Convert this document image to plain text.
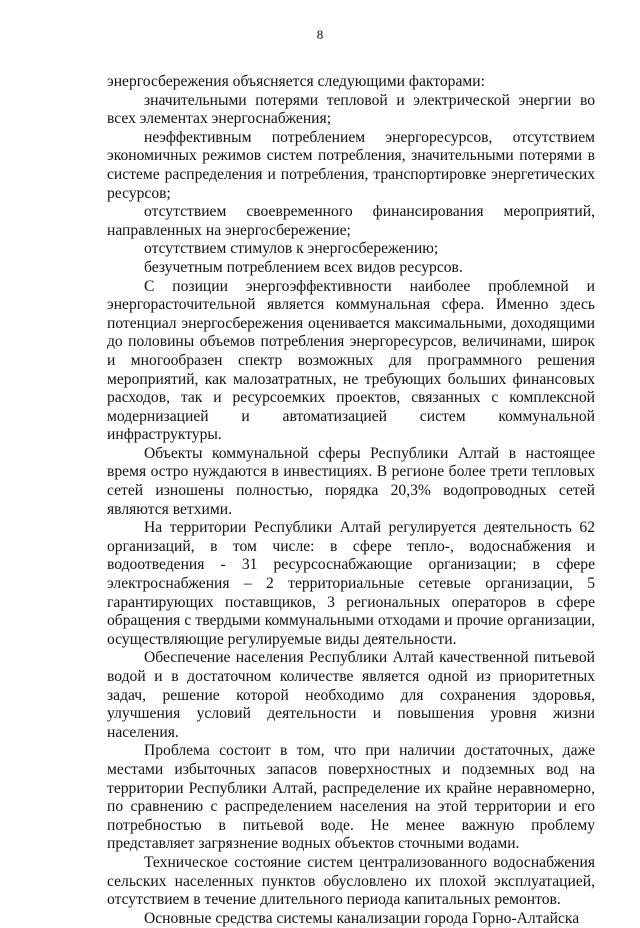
8

энергосбережения объясняется следующими факторами:

значительными потерями тепловой и электрической энергии во всех элементах энергоснабжения;

неэффективным потреблением энергоресурсов, отсутствием экономичных режимов систем потребления, значительными потерями в системе распределения и потребления, транспортировке энергетических ресурсов;

отсутствием своевременного финансирования мероприятий, направленных на энергосбережение;

отсутствием стимулов к энергосбережению;

безучетным потреблением всех видов ресурсов.

С позиции энергоэффективности наиболее проблемной и энергорасточительной является коммунальная сфера. Именно здесь потенциал энергосбережения оценивается максимальными, доходящими до половины объемов потребления энергоресурсов, величинами, широк и многообразен спектр возможных для программного решения мероприятий, как малозатратных, не требующих больших финансовых расходов, так и ресурсоемких проектов, связанных с комплексной модернизацией и автоматизацией систем коммунальной инфраструктуры.

Объекты коммунальной сферы Республики Алтай в настоящее время остро нуждаются в инвестициях. В регионе более трети тепловых сетей изношены полностью, порядка 20,3% водопроводных сетей являются ветхими.

На территории Республики Алтай регулируется деятельность 62 организаций, в том числе: в сфере тепло-, водоснабжения и водоотведения - 31 ресурсоснабжающие организации; в сфере электроснабжения – 2 территориальные сетевые организации, 5 гарантирующих поставщиков, 3 региональных операторов в сфере обращения с твердыми коммунальными отходами и прочие организации, осуществляющие регулируемые виды деятельности.

Обеспечение населения Республики Алтай качественной питьевой водой и в достаточном количестве является одной из приоритетных задач, решение которой необходимо для сохранения здоровья, улучшения условий деятельности и повышения уровня жизни населения.

Проблема состоит в том, что при наличии достаточных, даже местами избыточных запасов поверхностных и подземных вод на территории Республики Алтай, распределение их крайне неравномерно, по сравнению с распределением населения на этой территории и его потребностью в питьевой воде. Не менее важную проблему представляет загрязнение водных объектов сточными водами.

Техническое состояние систем централизованного водоснабжения сельских населенных пунктов обусловлено их плохой эксплуатацией, отсутствием в течение длительного периода капитальных ремонтов.

Основные средства системы канализации города Горно-Алтайска
